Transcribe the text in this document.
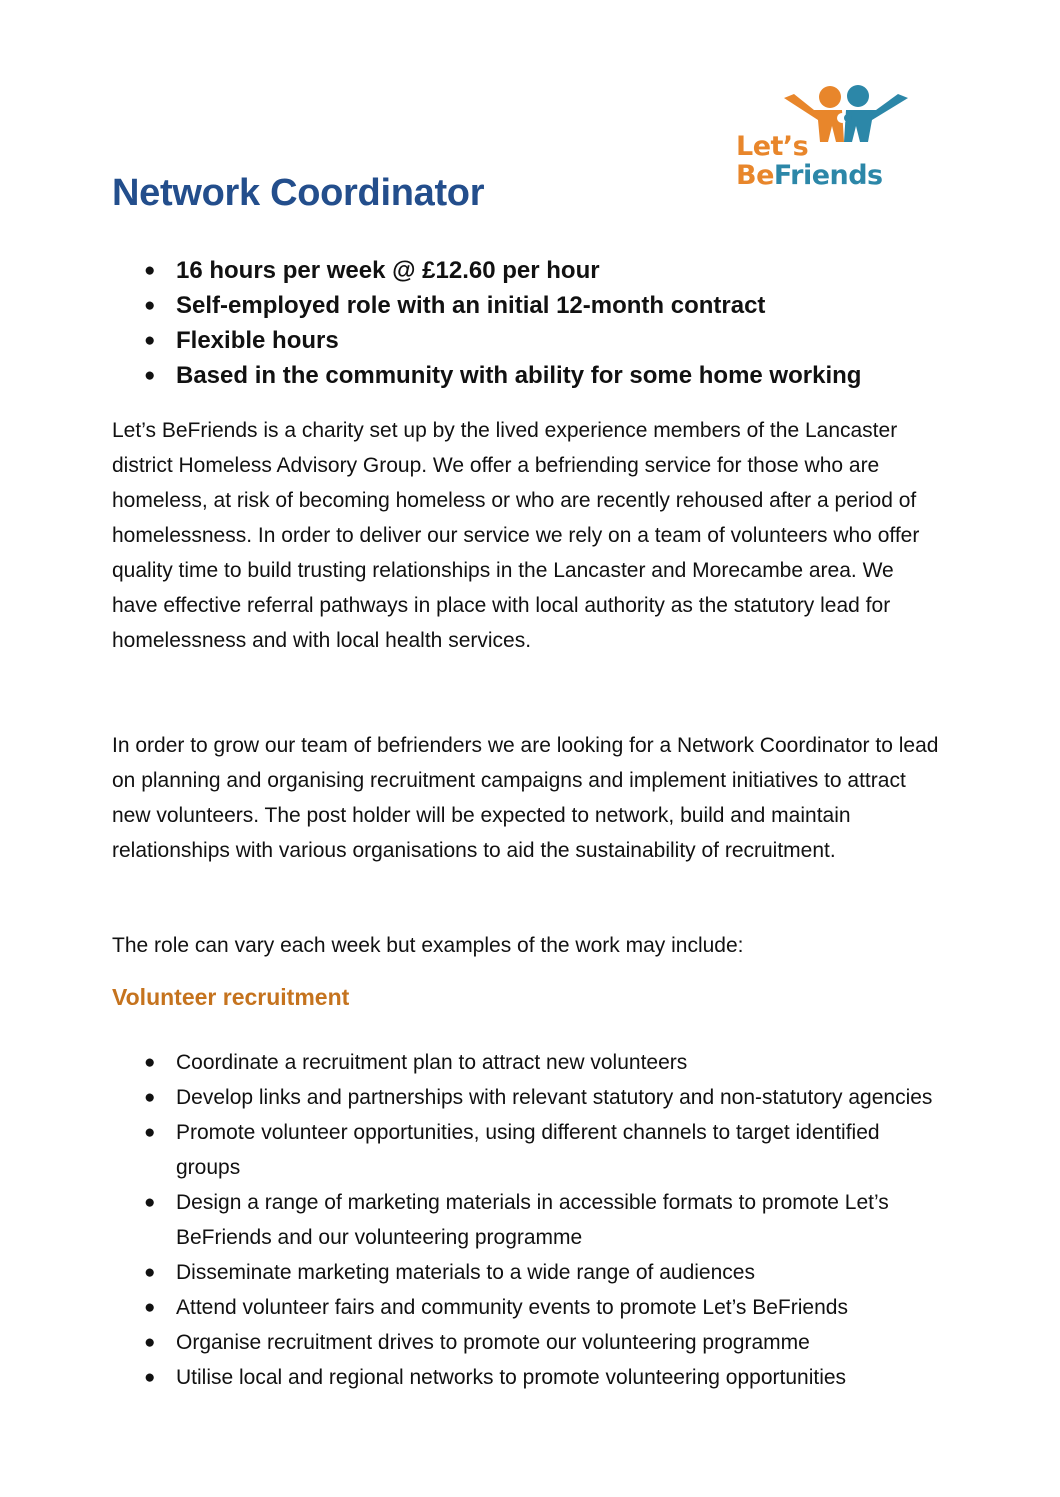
Let’s
BeFriends
Network Coordinator
● 16 hours per week @ £12.60 per hour
● Self-employed role with an initial 12-month contract
● Flexible hours
● Based in the community with ability for some home working

Let’s BeFriends is a charity set up by the lived experience members of the Lancaster district Homeless Advisory Group. We offer a befriending service for those who are homeless, at risk of becoming homeless or who are recently rehoused after a period of homelessness. In order to deliver our service we rely on a team of volunteers who offer quality time to build trusting relationships in the Lancaster and Morecambe area. We have effective referral pathways in place with local authority as the statutory lead for homelessness and with local health services.

In order to grow our team of befrienders we are looking for a Network Coordinator to lead on planning and organising recruitment campaigns and implement initiatives to attract new volunteers. The post holder will be expected to network, build and maintain relationships with various organisations to aid the sustainability of recruitment.

The role can vary each week but examples of the work may include:

Volunteer recruitment
● Coordinate a recruitment plan to attract new volunteers
● Develop links and partnerships with relevant statutory and non-statutory agencies
● Promote volunteer opportunities, using different channels to target identified groups
● Design a range of marketing materials in accessible formats to promote Let’s BeFriends and our volunteering programme
● Disseminate marketing materials to a wide range of audiences
● Attend volunteer fairs and community events to promote Let’s BeFriends
● Organise recruitment drives to promote our volunteering programme
● Utilise local and regional networks to promote volunteering opportunities
